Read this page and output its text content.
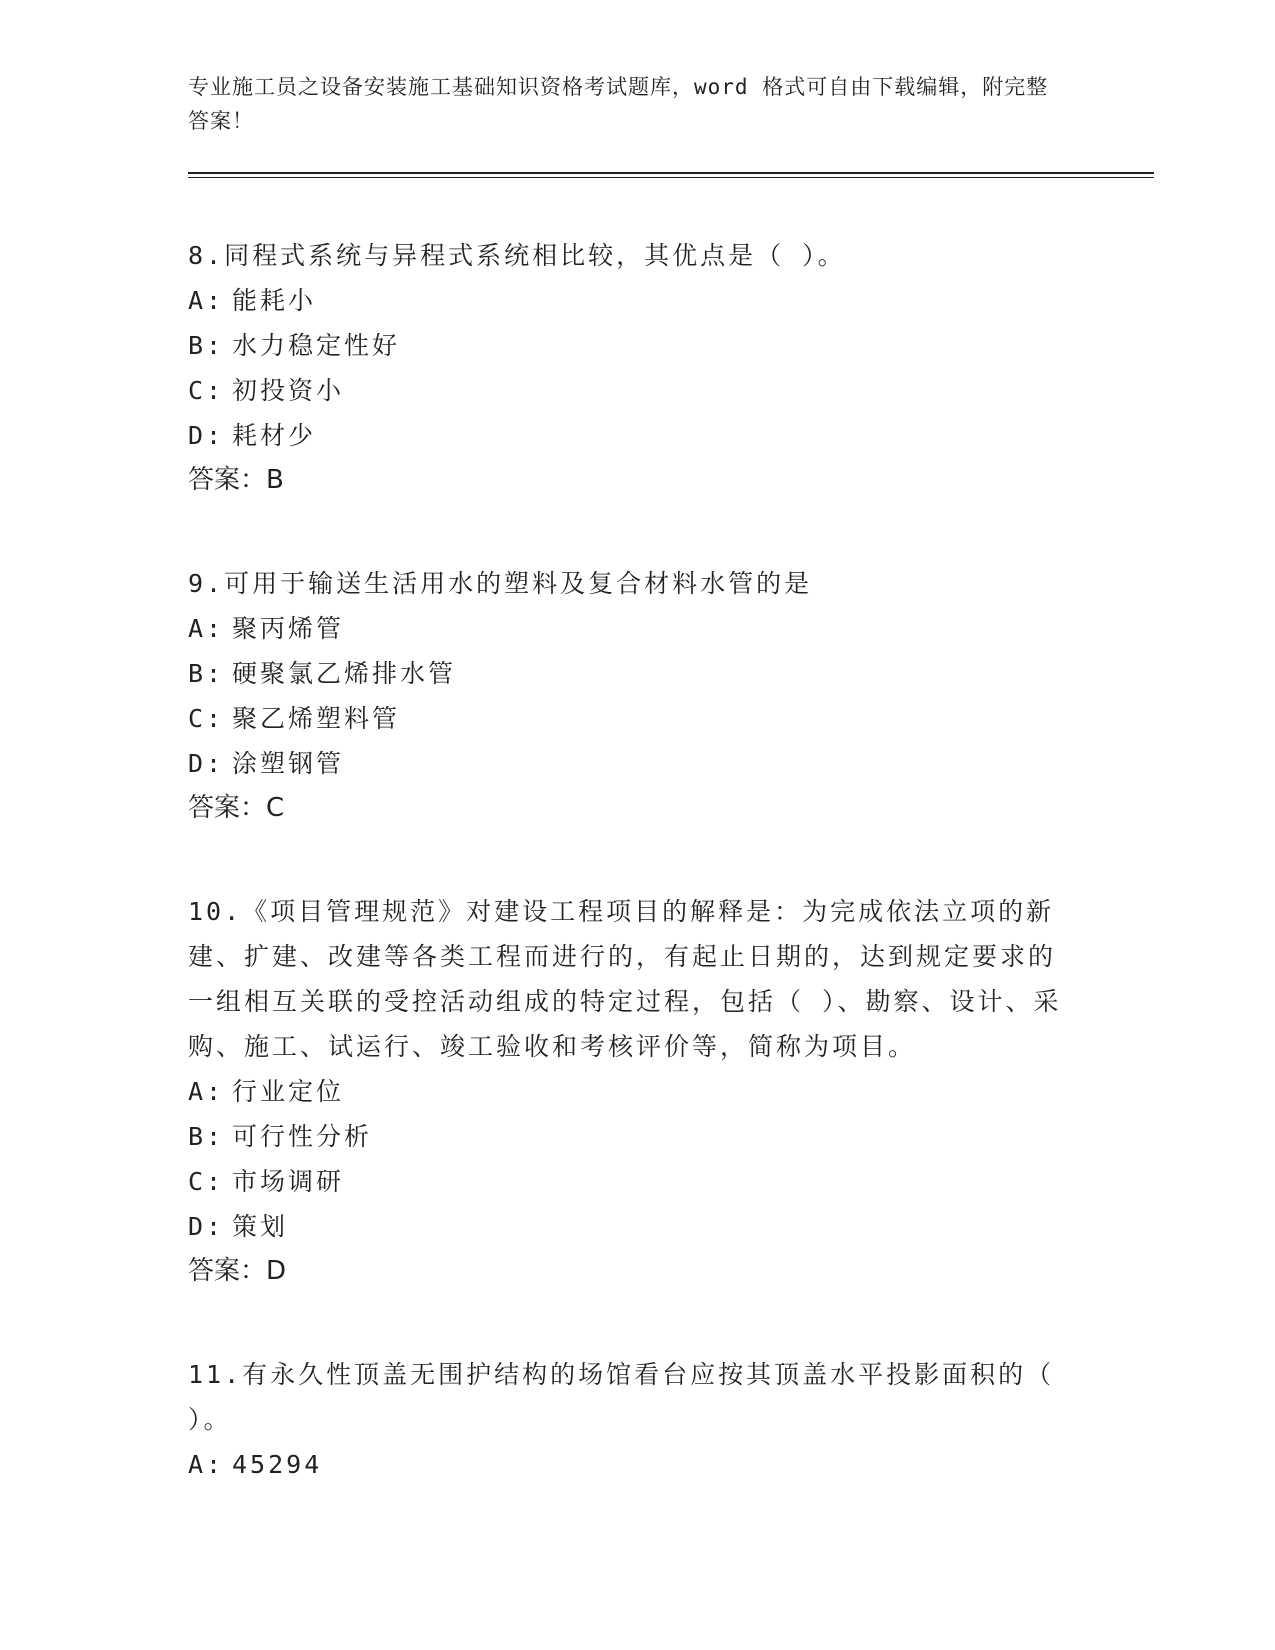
专业施工员之设备安装施工基础知识资格考试题库，word 格式可自由下载编辑，附完整答案！
8.同程式系统与异程式系统相比较，其优点是（ ）。
A: 能耗小
B: 水力稳定性好
C: 初投资小
D: 耗材少
答案：B
9.可用于输送生活用水的塑料及复合材料水管的是
A: 聚丙烯管
B: 硬聚氯乙烯排水管
C: 聚乙烯塑料管
D: 涂塑钢管
答案：C
10.《项目管理规范》对建设工程项目的解释是：为完成依法立项的新建、扩建、改建等各类工程而进行的，有起止日期的，达到规定要求的一组相互关联的受控活动组成的特定过程，包括（ ）、勘察、设计、采购、施工、试运行、竣工验收和考核评价等，简称为项目。
A: 行业定位
B: 可行性分析
C: 市场调研
D: 策划
答案：D
11.有永久性顶盖无围护结构的场馆看台应按其顶盖水平投影面积的（ ）。
A: 45294
